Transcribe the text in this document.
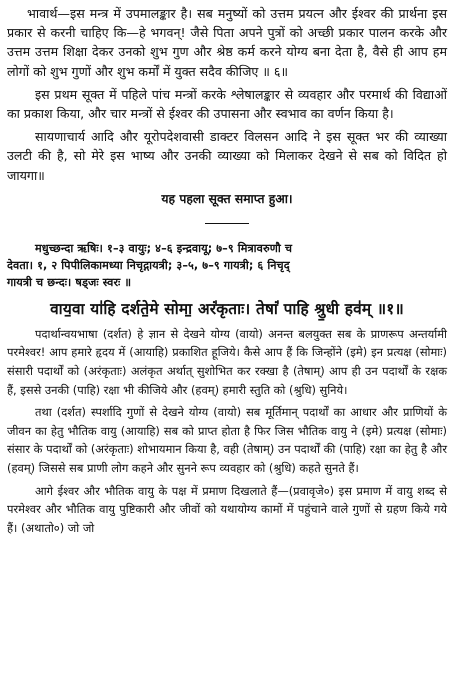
भावार्थ—इस मन्त्र में उपमालङ्कार है। सब मनुष्यों को उत्तम प्रयत्न और ईश्वर की प्रार्थना इस प्रकार से करनी चाहिए कि—हे भगवन्! जैसे पिता अपने पुत्रों को अच्छी प्रकार पालन करके और उत्तम उत्तम शिक्षा देकर उनको शुभ गुण और श्रेष्ठ कर्म करने योग्य बना देता है, वैसे ही आप हम लोगों को शुभ गुणों और शुभ कर्मों में युक्त सदैव कीजिए ॥ ६॥

इस प्रथम सूक्त में पहिले पांच मन्त्रों करके श्लेषालङ्कार से व्यवहार और परमार्थ की विद्याओं का प्रकाश किया, और चार मन्त्रों से ईश्वर की उपासना और स्वभाव का वर्णन किया है।

सायणाचार्य आदि और यूरोपदेशवासी डाक्टर विलसन आदि ने इस सूक्त भर की व्याख्या उलटी की है, सो मेरे इस भाष्य और उनकी व्याख्या को मिलाकर देखने से सब को विदित हो जायगा॥

यह पहला सूक्त समाप्त हुआ।

मधुच्छन्दा ऋषिः। १–३ वायुः; ४–६ इन्द्रवायू; ७–९ मित्रावरुणौ च

देवता। १, २ पिपीलिकामध्या निचृद्गायत्री; ३–५, ७–९ गायत्री; ६ निचृद्

गायत्री च छन्दः। षड्जः स्वरः ॥

वाय॒वा या॑हि दर्शते॒मे सोमा॒ अरं॑कृताः। तेषां॑ पाहि श्रु॒धी हव॑म् ॥१॥

पदार्थान्वयभाषा (दर्शत) हे ज्ञान से देखने योग्य (वायो) अनन्त बलयुक्त सब के प्राणरूप अन्तर्यामी परमेश्वर! आप हमारे हृदय में (आयाहि) प्रकाशित हूजिये। कैसे आप हैं कि जिन्होंने (इमे) इन प्रत्यक्ष (सोमाः) संसारी पदार्थों को (अरंकृताः) अलंकृत अर्थात् सुशोभित कर रक्खा है (तेषाम्) आप ही उन पदार्थों के रक्षक हैं, इससे उनकी (पाहि) रक्षा भी कीजिये और (हवम्) हमारी स्तुति को (श्रुधि) सुनिये।

तथा (दर्शत) स्पर्शादि गुणों से देखने योग्य (वायो) सब मूर्तिमान् पदार्थों का आधार और प्राणियों के जीवन का हेतु भौतिक वायु (आयाहि) सब को प्राप्त होता है फिर जिस भौतिक वायु ने (इमे) प्रत्यक्ष (सोमाः) संसार के पदार्थों को (अरंकृताः) शोभायमान किया है, वही (तेषाम्) उन पदार्थों की (पाहि) रक्षा का हेतु है और (हवम्) जिससे सब प्राणी लोग कहने और सुनने रूप व्यवहार को (श्रुधि) कहते सुनते हैं।

आगे ईश्वर और भौतिक वायु के पक्ष में प्रमाण दिखलाते हैं—(प्रवावृजे०) इस प्रमाण में वायु शब्द से परमेश्वर और भौतिक वायु पुष्टिकारी और जीवों को यथायोग्य कामों में पहुंचाने वाले गुणों से ग्रहण किये गये हैं। (अथातो०) जो जो
